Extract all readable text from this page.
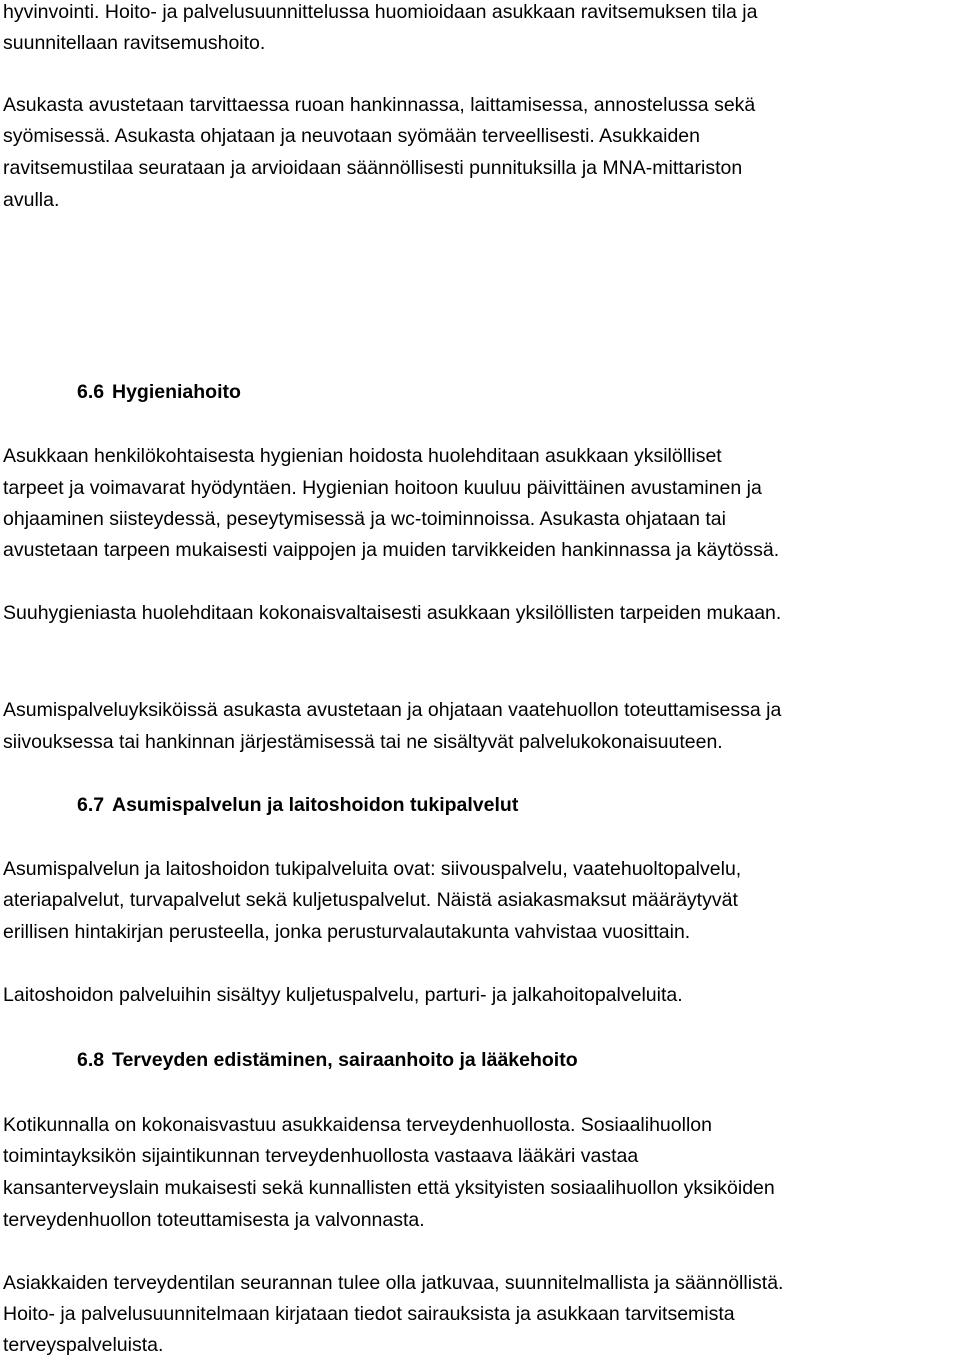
hyvinvointi. Hoito- ja palvelusuunnittelussa huomioidaan asukkaan ravitsemuksen tila ja
suunnitellaan ravitsemushoito.
Asukasta avustetaan tarvittaessa ruoan hankinnassa, laittamisessa, annostelussa sekä
syömisessä. Asukasta ohjataan ja neuvotaan syömään terveellisesti. Asukkaiden
ravitsemustilaa seurataan ja arvioidaan säännöllisesti punnituksilla ja MNA-mittariston
avulla.
6.6 Hygieniahoito
Asukkaan henkilökohtaisesta hygienian hoidosta huolehditaan asukkaan yksilölliset
tarpeet ja voimavarat hyödyntäen. Hygienian hoitoon kuuluu päivittäinen avustaminen ja
ohjaaminen siisteydessä, peseytymisessä ja wc-toiminnoissa. Asukasta ohjataan tai
avustetaan tarpeen mukaisesti vaippojen ja muiden tarvikkeiden hankinnassa ja käytössä.
Suuhygieniasta huolehditaan kokonaisvaltaisesti asukkaan yksilöllisten tarpeiden mukaan.
Asumispalveluyksiköissä asukasta avustetaan ja ohjataan vaatehuollon toteuttamisessa ja
siivouksessa tai hankinnan järjestämisessä tai ne sisältyvät palvelukokonaisuuteen.
6.7 Asumispalvelun ja laitoshoidon tukipalvelut
Asumispalvelun ja laitoshoidon tukipalveluita ovat: siivouspalvelu, vaatehuoltopalvelu,
ateriapalvelut, turvapalvelut sekä kuljetuspalvelut. Näistä asiakasmaksut määräytyvät
erillisen hintakirjan perusteella, jonka perusturvalautakunta vahvistaa vuosittain.
Laitoshoidon palveluihin sisältyy kuljetuspalvelu, parturi- ja jalkahoitopalveluita.
6.8 Terveyden edistäminen, sairaanhoito ja lääkehoito
Kotikunnalla on kokonaisvastuu asukkaidensa terveydenhuollosta. Sosiaalihuollon
toimintayksikön sijaintikunnan terveydenhuollosta vastaava lääkäri vastaa
kansanterveyslain mukaisesti sekä kunnallisten että yksityisten sosiaalihuollon yksiköiden
terveydenhuollon toteuttamisesta ja valvonnasta.
Asiakkaiden terveydentilan seurannan tulee olla jatkuvaa, suunnitelmallista ja säännöllistä.
Hoito- ja palvelusuunnitelmaan kirjataan tiedot sairauksista ja asukkaan tarvitsemista
terveyspalveluista.
